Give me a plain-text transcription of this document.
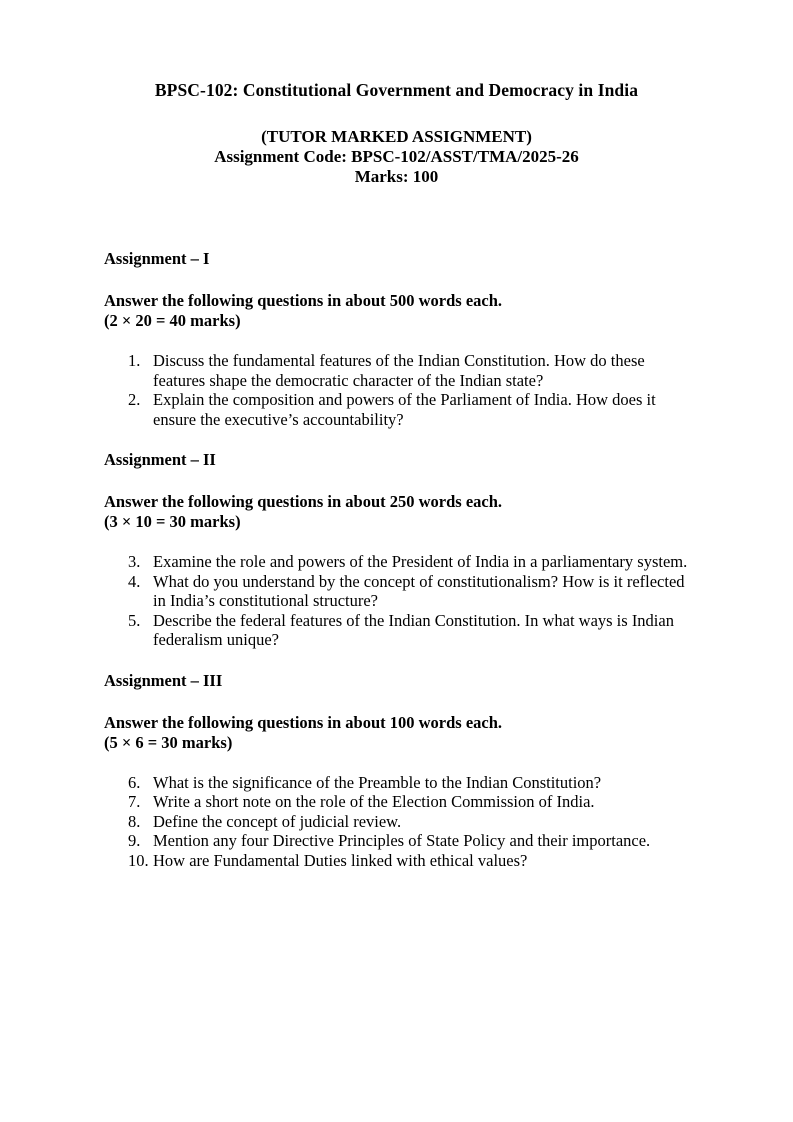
BPSC-102: Constitutional Government and Democracy in India

(TUTOR MARKED ASSIGNMENT)

Assignment Code: BPSC-102/ASST/TMA/2025-26

Marks: 100

Assignment – I

Answer the following questions in about 500 words each.

(2 × 20 = 40 marks)

1. Discuss the fundamental features of the Indian Constitution. How do these features shape the democratic character of the Indian state?
2. Explain the composition and powers of the Parliament of India. How does it ensure the executive’s accountability?
Assignment – II

Answer the following questions in about 250 words each.

(3 × 10 = 30 marks)

3. Examine the role and powers of the President of India in a parliamentary system.
4. What do you understand by the concept of constitutionalism? How is it reflected in India’s constitutional structure?
5. Describe the federal features of the Indian Constitution. In what ways is Indian federalism unique?
Assignment – III

Answer the following questions in about 100 words each.

(5 × 6 = 30 marks)

6. What is the significance of the Preamble to the Indian Constitution?
7. Write a short note on the role of the Election Commission of India.
8. Define the concept of judicial review.
9. Mention any four Directive Principles of State Policy and their importance.
10. How are Fundamental Duties linked with ethical values?
